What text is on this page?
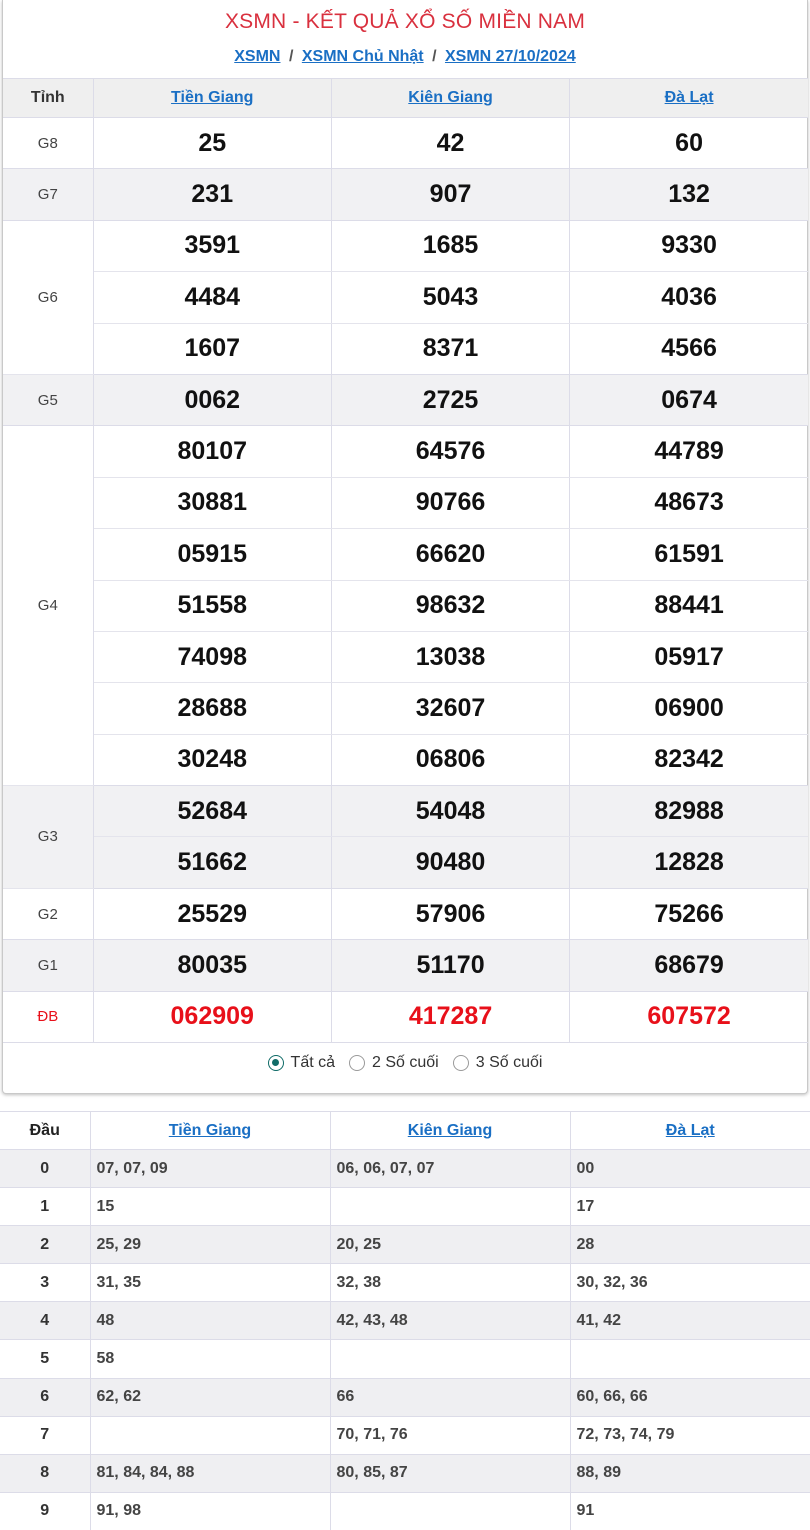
XSMN - KẾT QUẢ XỔ SỐ MIỀN NAM
XSMN / XSMN Chủ Nhật / XSMN 27/10/2024
Tỉnh	Tiền Giang	Kiên Giang	Đà Lạt
G8	25	42	60
G7	231	907	132
G6	3591	1685	9330
	4484	5043	4036
	1607	8371	4566
G5	0062	2725	0674
G4	80107	64576	44789
	30881	90766	48673
	05915	66620	61591
	51558	98632	88441
	74098	13038	05917
	28688	32607	06900
	30248	06806	82342
G3	52684	54048	82988
	51662	90480	12828
G2	25529	57906	75266
G1	80035	51170	68679
ĐB	062909	417287	607572
Tất cả 2 Số cuối 3 Số cuối
Đầu	Tiền Giang	Kiên Giang	Đà Lạt
0	07, 07, 09	06, 06, 07, 07	00
1	15		17
2	25, 29	20, 25	28
3	31, 35	32, 38	30, 32, 36
4	48	42, 43, 48	41, 42
5	58		
6	62, 62	66	60, 66, 66
7		70, 71, 76	72, 73, 74, 79
8	81, 84, 84, 88	80, 85, 87	88, 89
9	91, 98		91
